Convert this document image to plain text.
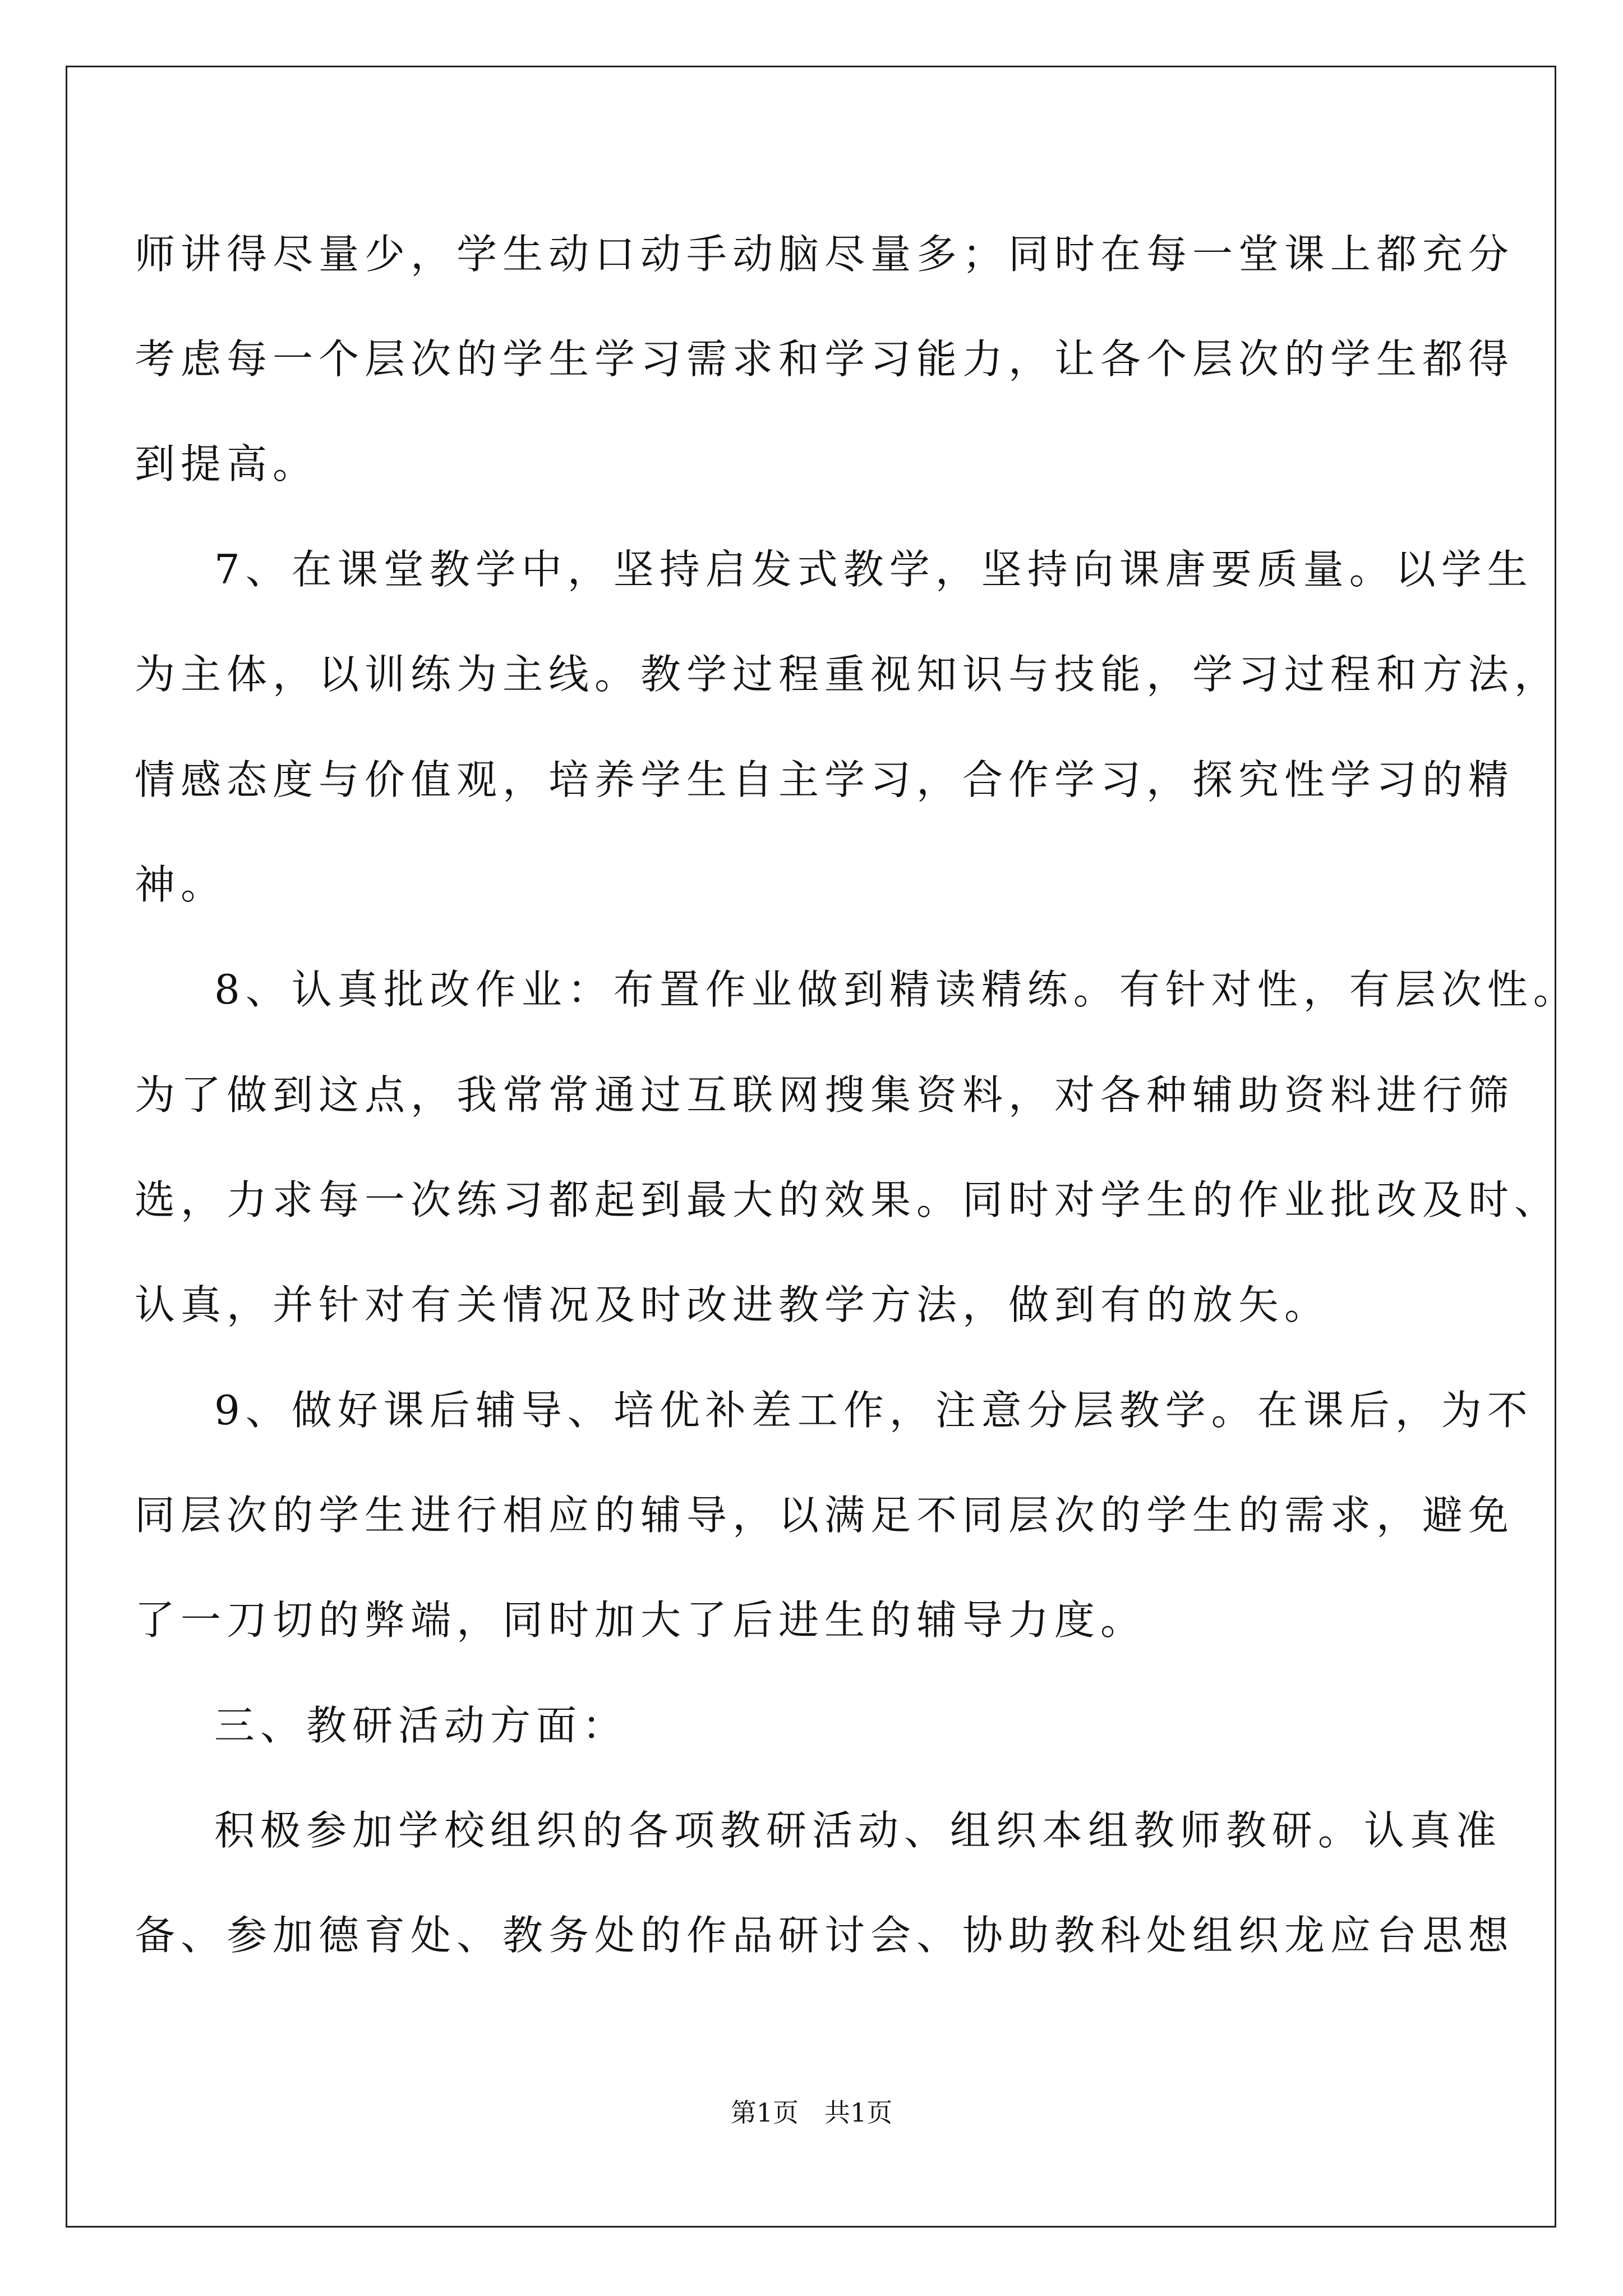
师讲得尽量少，学生动口动手动脑尽量多；同时在每一堂课上都充分
考虑每一个层次的学生学习需求和学习能力，让各个层次的学生都得
到提高。
7、在课堂教学中，坚持启发式教学，坚持向课唐要质量。以学生
为主体，以训练为主线。教学过程重视知识与技能，学习过程和方法，
情感态度与价值观，培养学生自主学习，合作学习，探究性学习的精
神。
8、认真批改作业：布置作业做到精读精练。有针对性，有层次性。
为了做到这点，我常常通过互联网搜集资料，对各种辅助资料进行筛
选，力求每一次练习都起到最大的效果。同时对学生的作业批改及时、
认真，并针对有关情况及时改进教学方法，做到有的放矢。
9、做好课后辅导、培优补差工作，注意分层教学。在课后，为不
同层次的学生进行相应的辅导，以满足不同层次的学生的需求，避免
了一刀切的弊端，同时加大了后进生的辅导力度。
三、教研活动方面：
积极参加学校组织的各项教研活动、组织本组教师教研。认真准
备、参加德育处、教务处的作品研讨会、协助教科处组织龙应台思想
第1页　共1页
